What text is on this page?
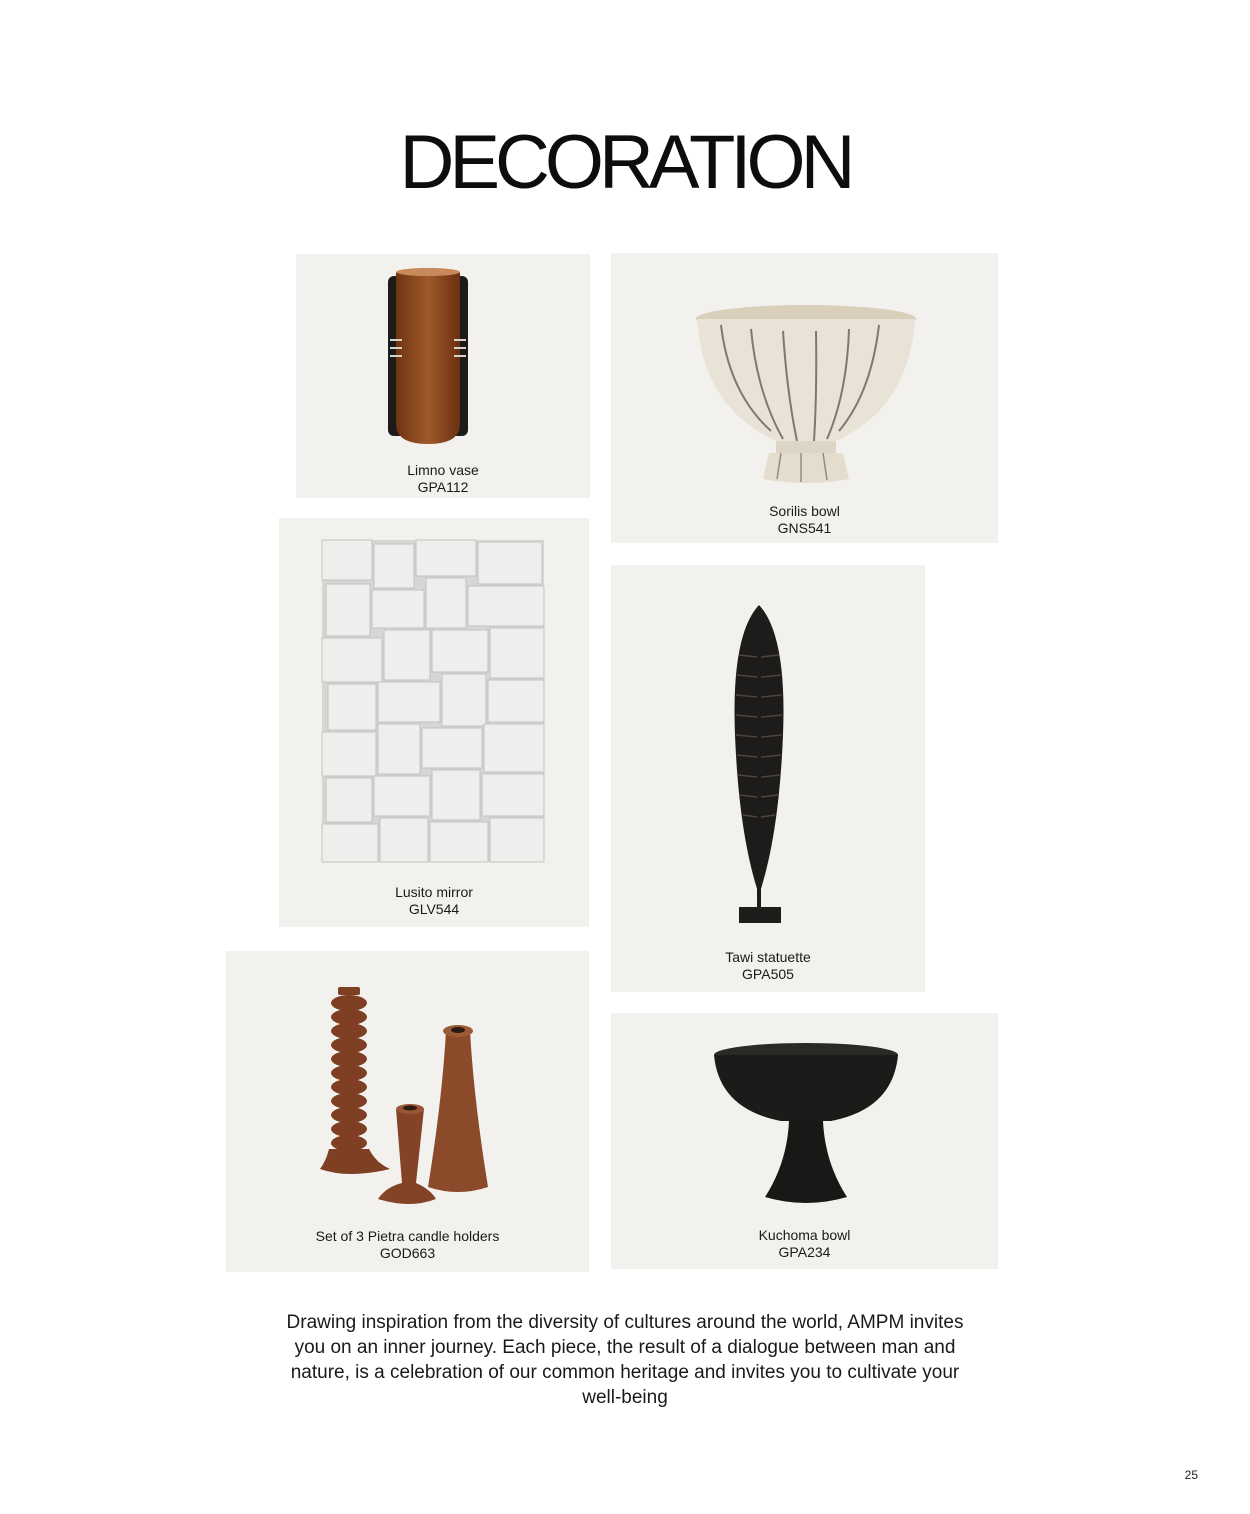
DECORATION
Limno vase
GPA112
Sorilis bowl
GNS541
Lusito mirror
GLV544
Tawi statuette
GPA505
Set of 3 Pietra candle holders
GOD663
Kuchoma bowl
GPA234
Drawing inspiration from the diversity of cultures around the world, AMPM invites you on an inner journey. Each piece, the result of a dialogue between man and nature, is a celebration of our common heritage and invites you to cultivate your well-being
25
